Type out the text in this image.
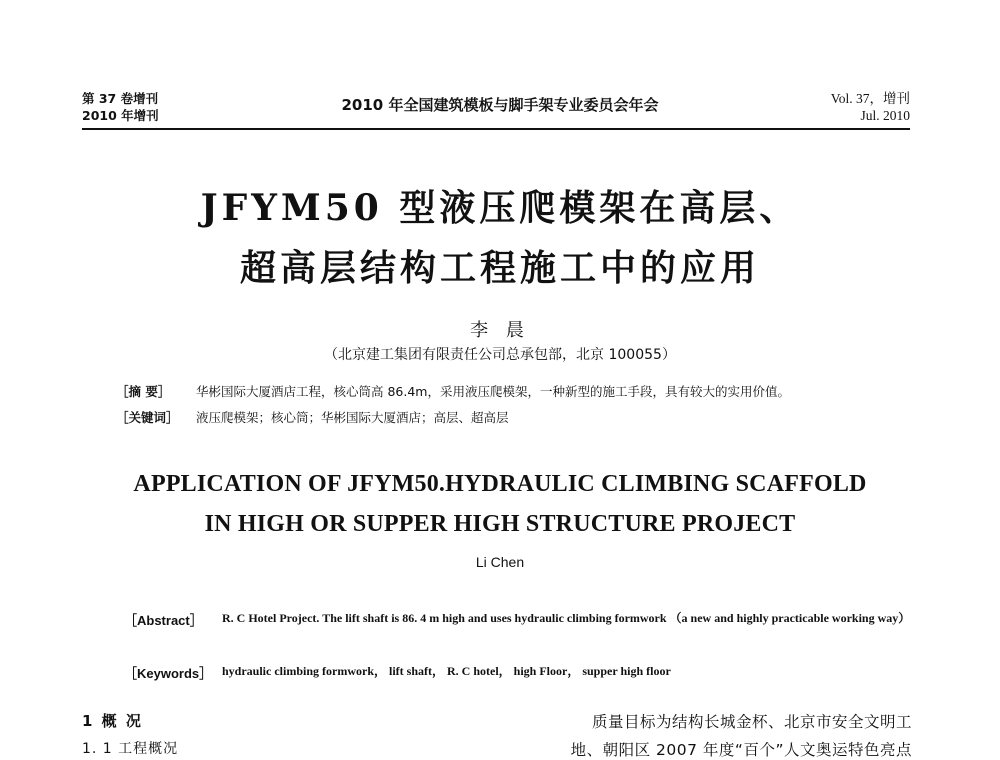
第 37 卷增刊
2010 年增刊
2010 年全国建筑模板与脚手架专业委员会年会	Vol. 37，增刊
Jul. 2010
JFYM50 型液压爬模架在高层、
超高层结构工程施工中的应用
李 晨
（北京建工集团有限责任公司总承包部，北京 100055）
［摘 要］ 华彬国际大厦酒店工程，核心筒高 86.4m，采用液压爬模架，一种新型的施工手段，具有较大的实用价值。
［关键词］ 液压爬模架；核心筒；华彬国际大厦酒店；高层、超高层
APPLICATION OF JFYM50.HYDRAULIC CLIMBING SCAFFOLD
IN HIGH OR SUPPER HIGH STRUCTURE PROJECT
Li Chen
［Abstract］ R. C Hotel Project. The lift shaft is 86. 4 m high and uses hydraulic climbing formwork （a new and highly practicable working way）
［Keywords］ hydraulic climbing formwork， lift shaft， R. C hotel， high Floor， supper high floor
1 概 况
1. 1 工程概况
质量目标为结构长城金杯、北京市安全文明工
地、朝阳区 2007 年度“百个”人文奥运特色亮点
